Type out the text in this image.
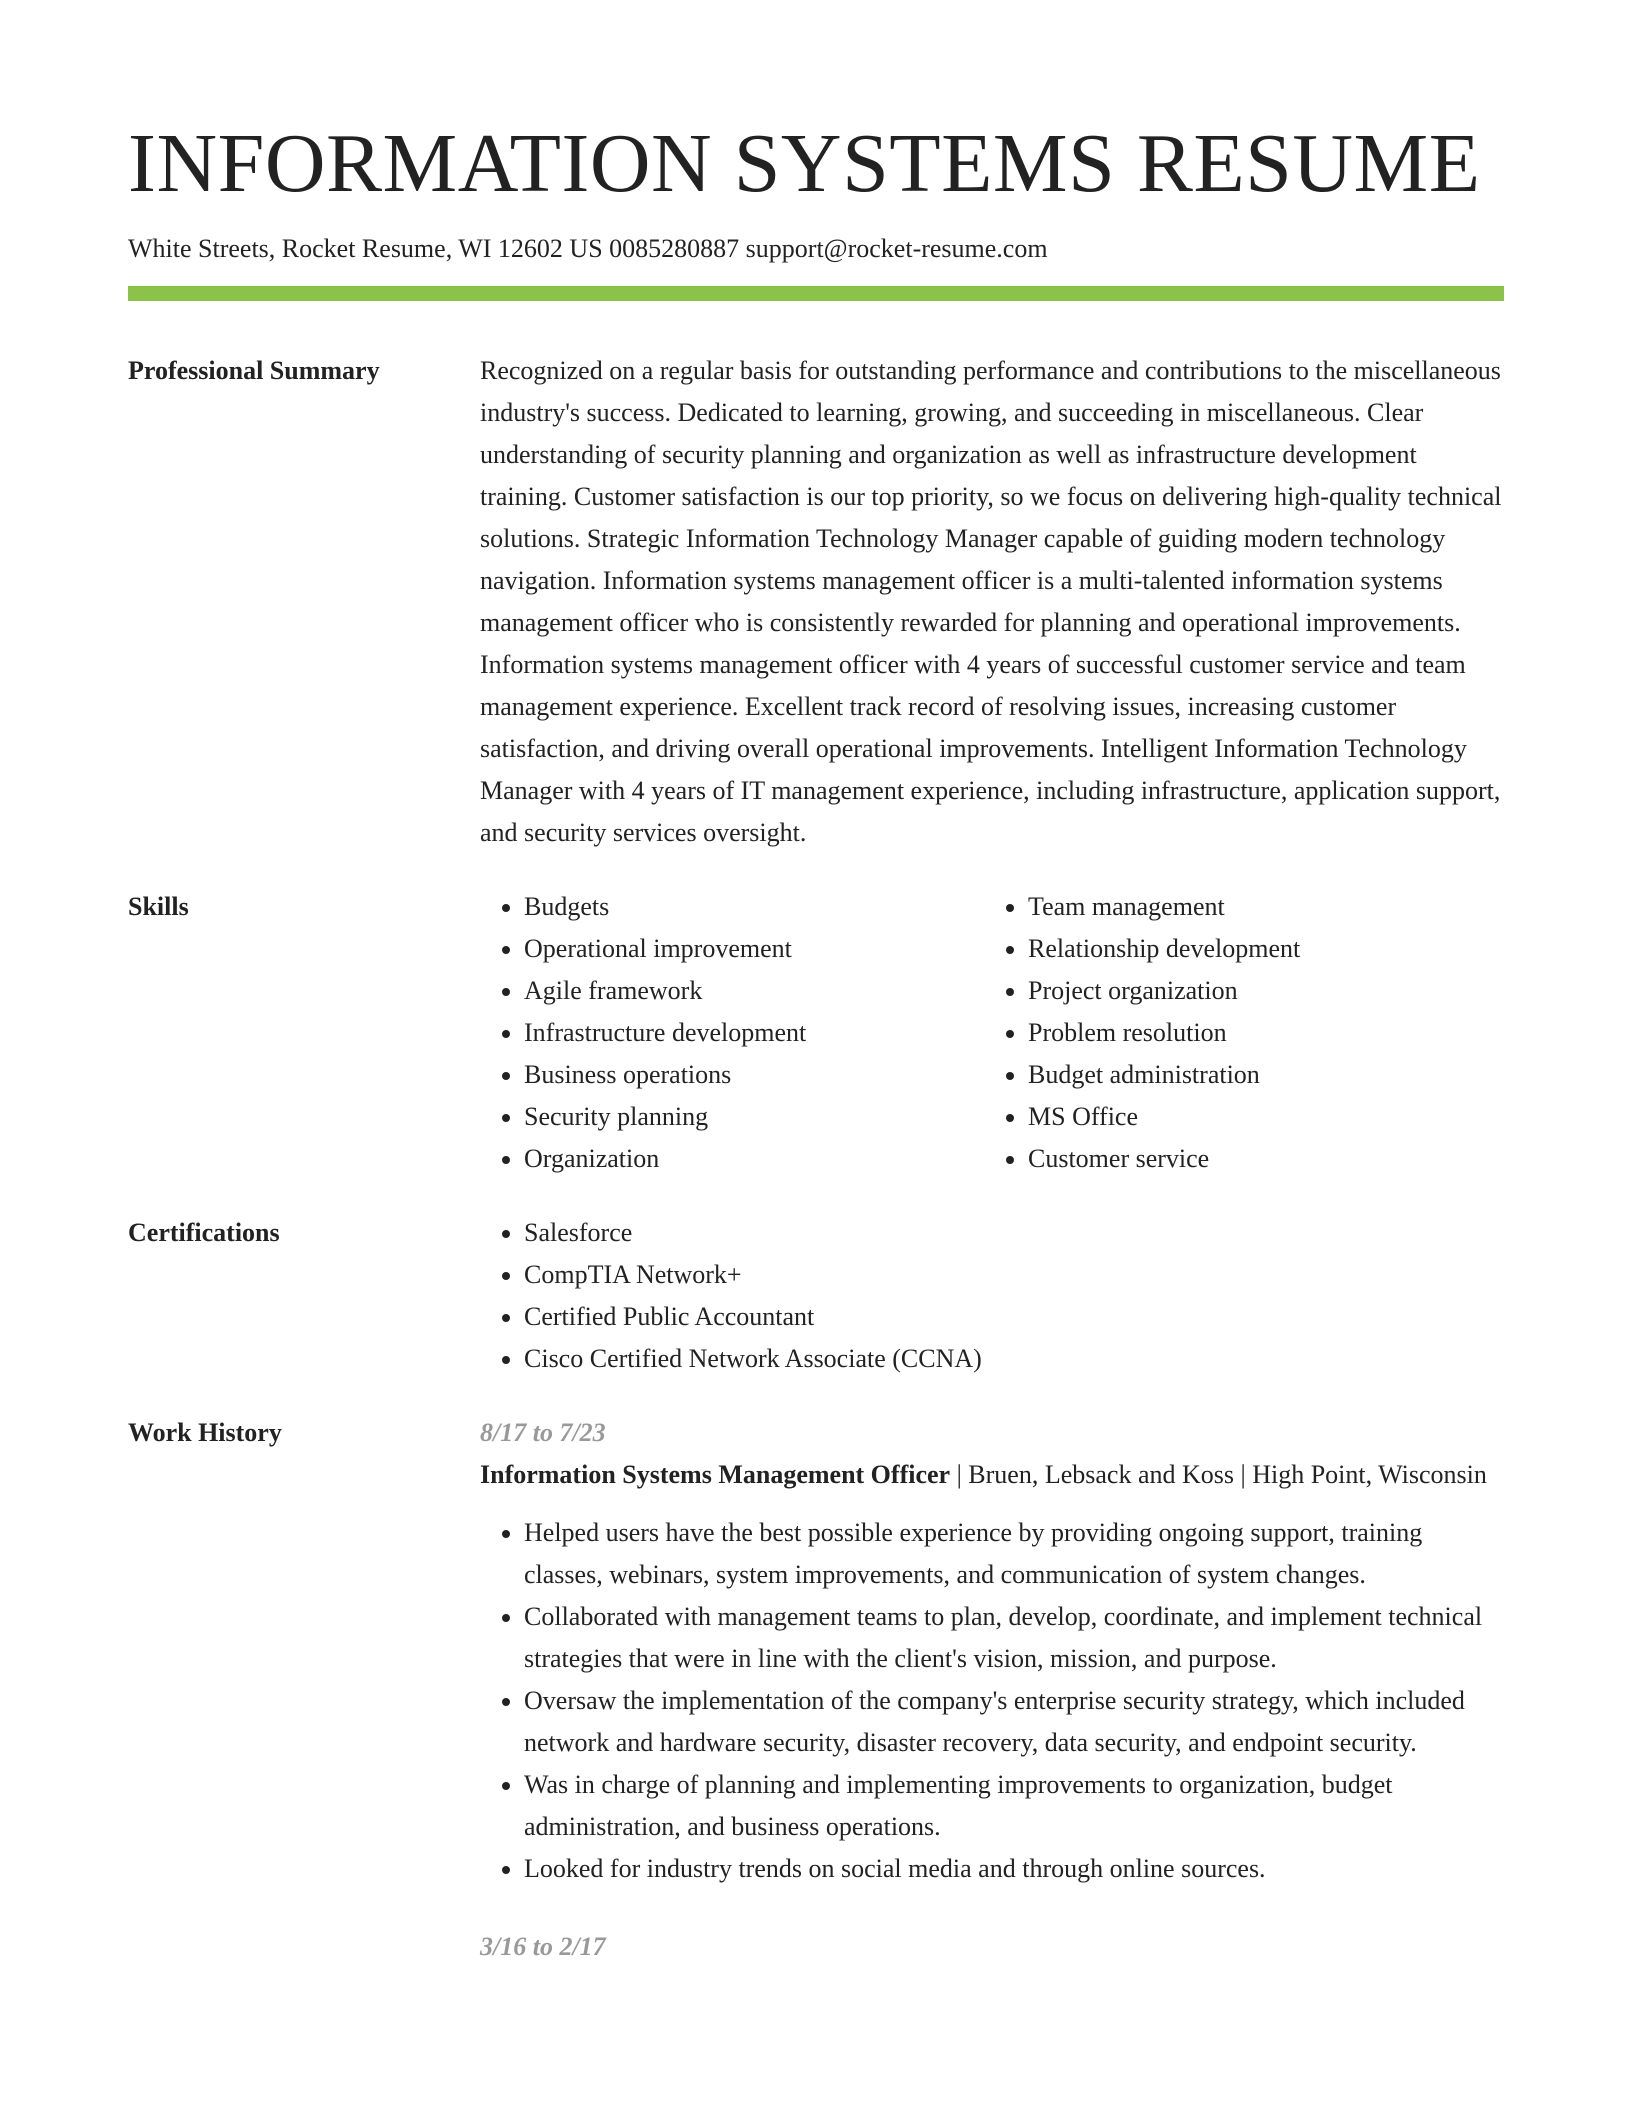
INFORMATION SYSTEMS RESUME
White Streets, Rocket Resume, WI 12602 US 0085280887 support@rocket-resume.com
Professional Summary	Recognized on a regular basis for outstanding performance and contributions to the miscellaneous industry's success. Dedicated to learning, growing, and succeeding in miscellaneous. Clear understanding of security planning and organization as well as infrastructure development training. Customer satisfaction is our top priority, so we focus on delivering high-quality technical solutions. Strategic Information Technology Manager capable of guiding modern technology navigation. Information systems management officer is a multi-talented information systems management officer who is consistently rewarded for planning and operational improvements. Information systems management officer with 4 years of successful customer service and team management experience. Excellent track record of resolving issues, increasing customer satisfaction, and driving overall operational improvements. Intelligent Information Technology Manager with 4 years of IT management experience, including infrastructure, application support, and security services oversight.

Skills	• Budgets
• Operational improvement
• Agile framework
• Infrastructure development
• Business operations
• Security planning
• Organization
• Team management
• Relationship development
• Project organization
• Problem resolution
• Budget administration
• MS Office
• Customer service
Certifications	• Salesforce
• CompTIA Network+
• Certified Public Accountant
• Cisco Certified Network Associate (CCNA)
Work History	8/17 to 7/23
Information Systems Management Officer | Bruen, Lebsack and Koss | High Point, Wisconsin
• Helped users have the best possible experience by providing ongoing support, training classes, webinars, system improvements, and communication of system changes.
• Collaborated with management teams to plan, develop, coordinate, and implement technical strategies that were in line with the client's vision, mission, and purpose.
• Oversaw the implementation of the company's enterprise security strategy, which included network and hardware security, disaster recovery, data security, and endpoint security.
• Was in charge of planning and implementing improvements to organization, budget administration, and business operations.
• Looked for industry trends on social media and through online sources.
3/16 to 2/17
